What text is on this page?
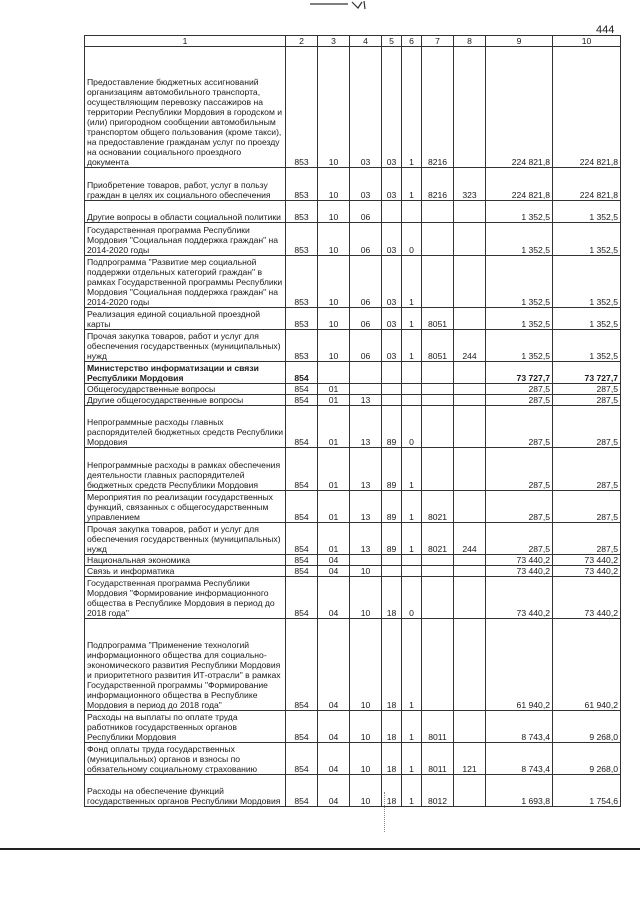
444
1	2	3	4	5	6	7	8	9	10
Предоставление бюджетных ассигнований организациям автомобильного транспорта, осуществляющим перевозку пассажиров на территории Республики Мордовия в городском и (или) пригородном сообщении автомобильным транспортом общего пользования (кроме такси), на предоставление гражданам услуг по проезду на основании социального проездного документа	853	10	03	03	1	8216		224 821,8	224 821,8
Приобретение товаров, работ, услуг в пользу граждан в целях их социального обеспечения	853	10	03	03	1	8216	323	224 821,8	224 821,8
Другие вопросы в области социальной политики	853	10	06					1 352,5	1 352,5
Государственная программа Республики Мордовия "Социальная поддержка граждан" на 2014-2020 годы	853	10	06	03	0			1 352,5	1 352,5
Подпрограмма "Развитие мер социальной поддержки отдельных категорий граждан" в рамках Государственной программы Республики Мордовия "Социальная поддержка граждан" на 2014-2020 годы	853	10	06	03	1			1 352,5	1 352,5
Реализация единой социальной проездной карты	853	10	06	03	1	8051		1 352,5	1 352,5
Прочая закупка товаров, работ и услуг для обеспечения государственных (муниципальных) нужд	853	10	06	03	1	8051	244	1 352,5	1 352,5
Министерство информатизации и связи Республики Мордовия	854							73 727,7	73 727,7
Общегосударственные вопросы	854	01						287,5	287,5
Другие общегосударственные вопросы	854	01	13					287,5	287,5
Непрограммные расходы главных распорядителей бюджетных средств Республики Мордовия	854	01	13	89	0			287,5	287,5
Непрограммные расходы в рамках обеспечения деятельности главных распорядителей бюджетных средств Республики Мордовия	854	01	13	89	1			287,5	287,5
Мероприятия по реализации государственных функций, связанных с общегосударственным управлением	854	01	13	89	1	8021		287,5	287,5
Прочая закупка товаров, работ и услуг для обеспечения государственных (муниципальных) нужд	854	01	13	89	1	8021	244	287,5	287,5
Национальная экономика	854	04						73 440,2	73 440,2
Связь и информатика	854	04	10					73 440,2	73 440,2
Государственная программа Республики Мордовия "Формирование информационного общества в Республике Мордовия в период до 2018 года"	854	04	10	18	0			73 440,2	73 440,2
Подпрограмма "Применение технологий информационного общества для социально-экономического развития Республики Мордовия и приоритетного развития ИТ-отрасли" в рамках Государственной программы "Формирование информационного общества в Республике Мордовия в период до 2018 года"	854	04	10	18	1			61 940,2	61 940,2
Расходы на выплаты по оплате труда работников государственных органов Республики Мордовия	854	04	10	18	1	8011		8 743,4	9 268,0
Фонд оплаты труда государственных (муниципальных) органов и взносы по обязательному социальному страхованию	854	04	10	18	1	8011	121	8 743,4	9 268,0
Расходы на обеспечение функций государственных органов Республики Мордовия	854	04	10	18	1	8012		1 693,8	1 754,6
